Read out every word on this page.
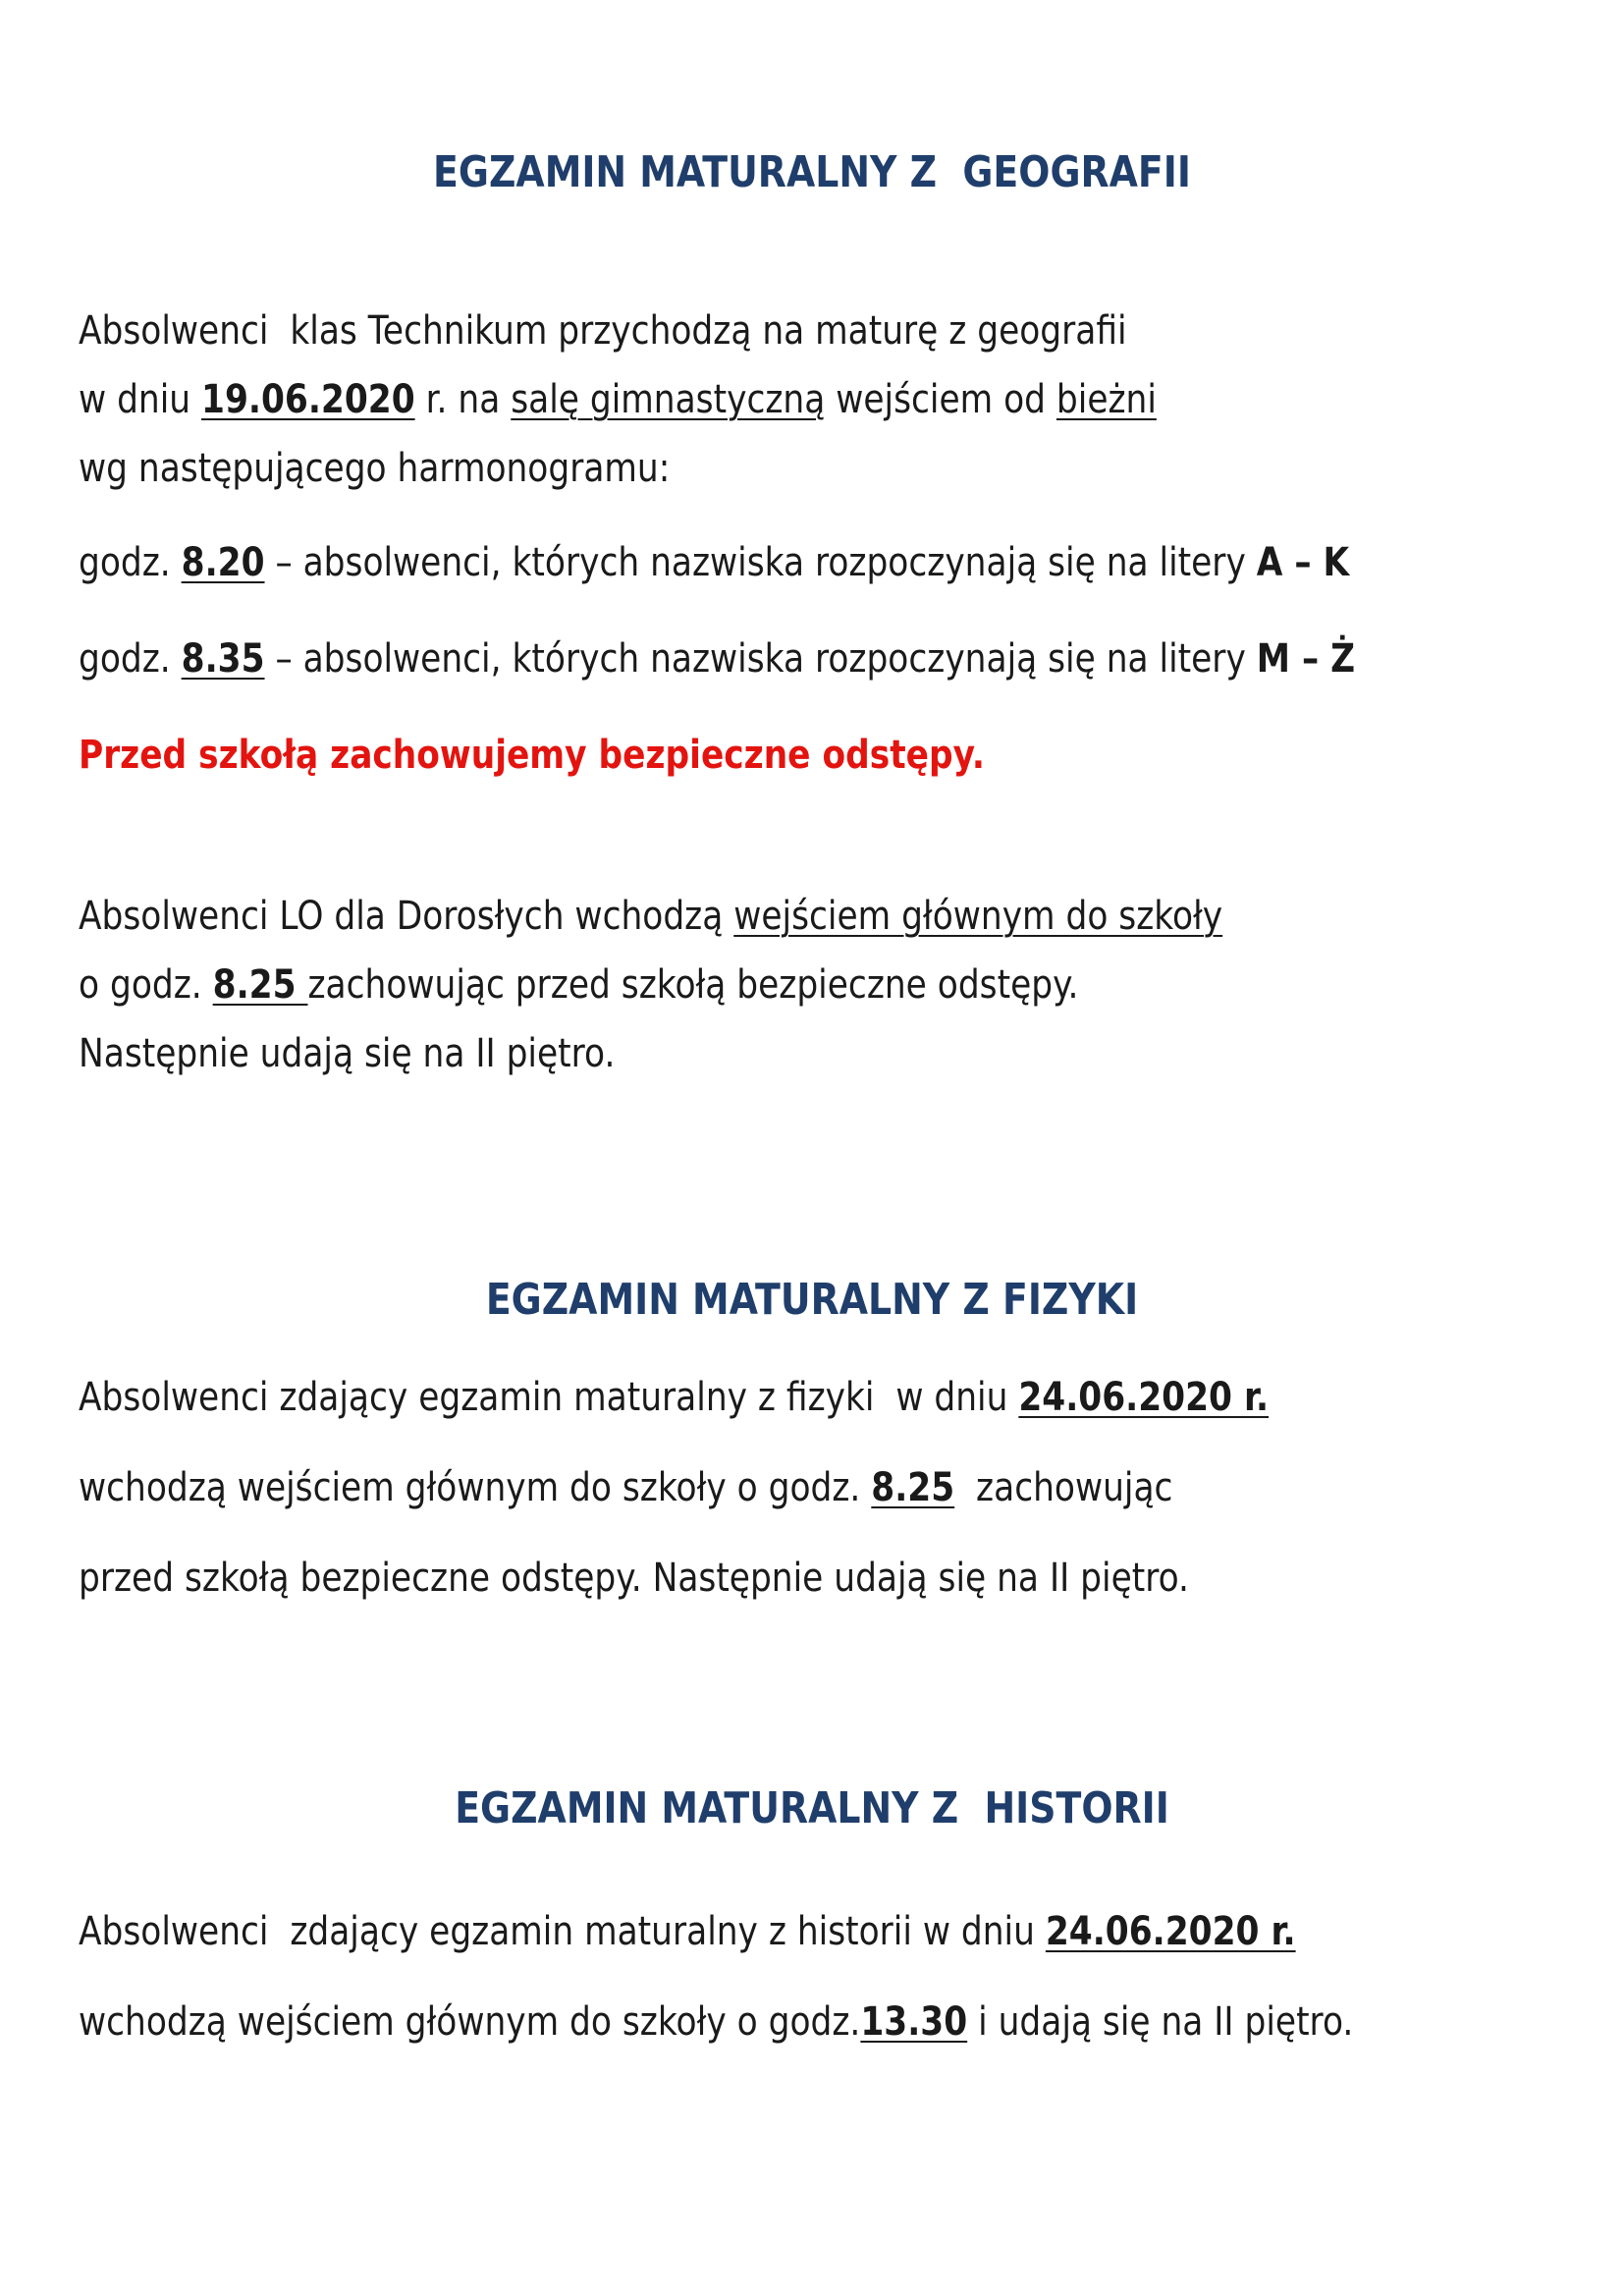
EGZAMIN MATURALNY Z  GEOGRAFII
Absolwenci  klas Technikum przychodzą na maturę z geografii
w dniu 19.06.2020 r. na salę gimnastyczną wejściem od bieżni
wg następującego harmonogramu:
godz. 8.20 – absolwenci, których nazwiska rozpoczynają się na litery A – K
godz. 8.35 – absolwenci, których nazwiska rozpoczynają się na litery M – Ż
Przed szkołą zachowujemy bezpieczne odstępy.
Absolwenci LO dla Dorosłych wchodzą wejściem głównym do szkoły
o godz. 8.25 zachowując przed szkołą bezpieczne odstępy.
Następnie udają się na II piętro.
EGZAMIN MATURALNY Z FIZYKI
Absolwenci zdający egzamin maturalny z fizyki  w dniu 24.06.2020 r.
wchodzą wejściem głównym do szkoły o godz. 8.25  zachowując
przed szkołą bezpieczne odstępy. Następnie udają się na II piętro.
EGZAMIN MATURALNY Z  HISTORII
Absolwenci  zdający egzamin maturalny z historii w dniu 24.06.2020 r.
wchodzą wejściem głównym do szkoły o godz.13.30 i udają się na II piętro.
